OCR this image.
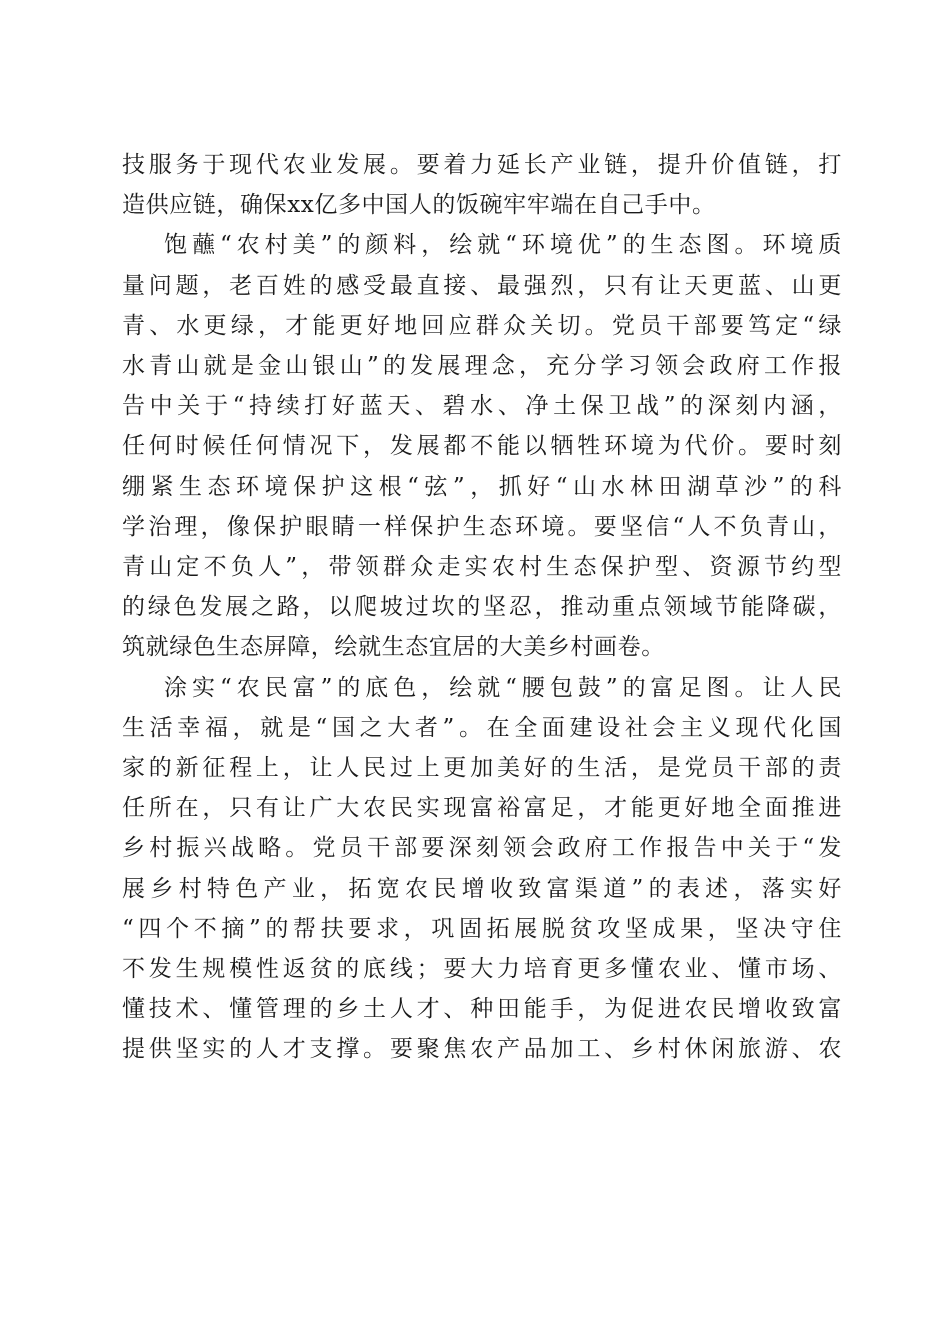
技服务于现代农业发展。要着力延长产业链，提升价值链，打
造供应链，确保xx亿多中国人的饭碗牢牢端在自己手中。
饱蘸“农村美”的颜料，绘就“环境优”的生态图。环境质
量问题，老百姓的感受最直接、最强烈，只有让天更蓝、山更
青、水更绿，才能更好地回应群众关切。党员干部要笃定“绿
水青山就是金山银山”的发展理念，充分学习领会政府工作报
告中关于“持续打好蓝天、碧水、净土保卫战”的深刻内涵，
任何时候任何情况下，发展都不能以牺牲环境为代价。要时刻
绷紧生态环境保护这根“弦”，抓好“山水林田湖草沙”的科
学治理，像保护眼睛一样保护生态环境。要坚信“人不负青山，
青山定不负人”，带领群众走实农村生态保护型、资源节约型
的绿色发展之路，以爬坡过坎的坚忍，推动重点领域节能降碳，
筑就绿色生态屏障，绘就生态宜居的大美乡村画卷。
涂实“农民富”的底色，绘就“腰包鼓”的富足图。让人民
生活幸福，就是“国之大者”。在全面建设社会主义现代化国
家的新征程上，让人民过上更加美好的生活，是党员干部的责
任所在，只有让广大农民实现富裕富足，才能更好地全面推进
乡村振兴战略。党员干部要深刻领会政府工作报告中关于“发
展乡村特色产业，拓宽农民增收致富渠道”的表述，落实好
“四个不摘”的帮扶要求，巩固拓展脱贫攻坚成果，坚决守住
不发生规模性返贫的底线；要大力培育更多懂农业、懂市场、
懂技术、懂管理的乡土人才、种田能手，为促进农民增收致富
提供坚实的人才支撑。要聚焦农产品加工、乡村休闲旅游、农
